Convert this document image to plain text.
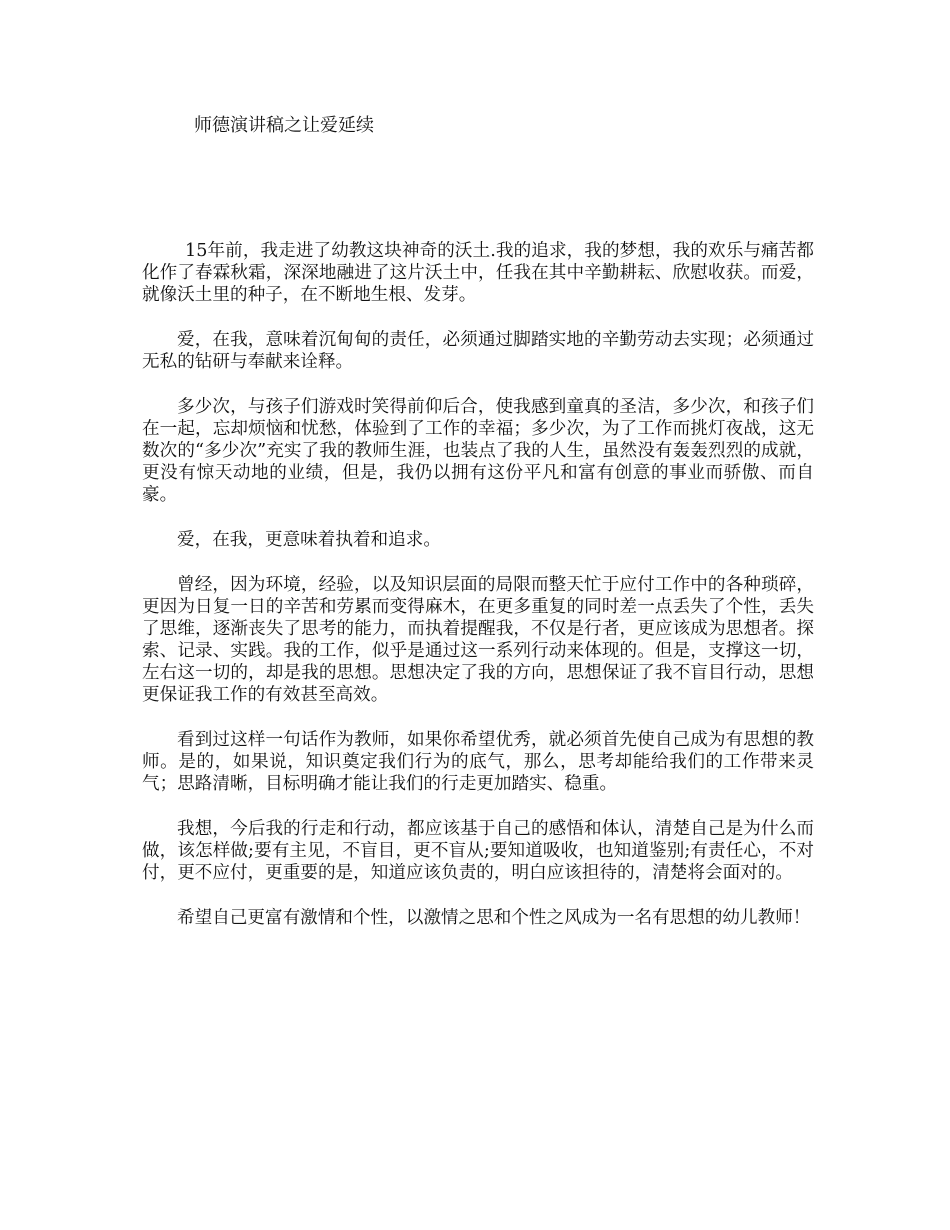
师德演讲稿之让爱延续

15年前，我走进了幼教这块神奇的沃土.我的追求，我的梦想，我的欢乐与痛苦都化作了春霖秋霜，深深地融进了这片沃土中，任我在其中辛勤耕耘、欣慰收获。而爱，就像沃土里的种子，在不断地生根、发芽。

爱，在我，意味着沉甸甸的责任，必须通过脚踏实地的辛勤劳动去实现；必须通过无私的钻研与奉献来诠释。

多少次，与孩子们游戏时笑得前仰后合，使我感到童真的圣洁，多少次，和孩子们在一起，忘却烦恼和忧愁，体验到了工作的幸福；多少次，为了工作而挑灯夜战，这无数次的“多少次”充实了我的教师生涯，也装点了我的人生，虽然没有轰轰烈烈的成就，更没有惊天动地的业绩，但是，我仍以拥有这份平凡和富有创意的事业而骄傲、而自豪。

爱，在我，更意味着执着和追求。

曾经，因为环境，经验，以及知识层面的局限而整天忙于应付工作中的各种琐碎，更因为日复一日的辛苦和劳累而变得麻木，在更多重复的同时差一点丢失了个性，丢失了思维，逐渐丧失了思考的能力，而执着提醒我，不仅是行者，更应该成为思想者。探索、记录、实践。我的工作，似乎是通过这一系列行动来体现的。但是，支撑这一切，左右这一切的，却是我的思想。思想决定了我的方向，思想保证了我不盲目行动，思想更保证我工作的有效甚至高效。

看到过这样一句话作为教师，如果你希望优秀，就必须首先使自己成为有思想的教师。是的，如果说，知识奠定我们行为的底气，那么，思考却能给我们的工作带来灵气；思路清晰，目标明确才能让我们的行走更加踏实、稳重。

我想，今后我的行走和行动，都应该基于自己的感悟和体认，清楚自己是为什么而做，该怎样做;要有主见，不盲目，更不盲从;要知道吸收，也知道鉴别;有责任心，不对付，更不应付，更重要的是，知道应该负责的，明白应该担待的，清楚将会面对的。

希望自己更富有激情和个性，以激情之思和个性之风成为一名有思想的幼儿教师！
